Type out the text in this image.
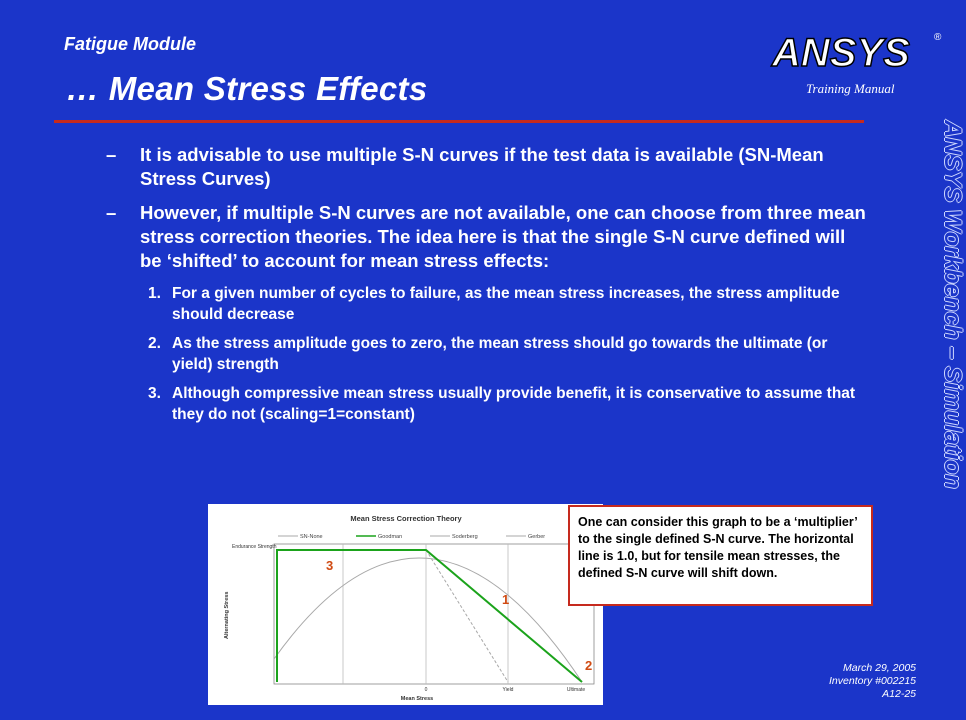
Fatigue Module
… Mean Stress Effects
ANSYS ®
Training Manual
ANSYS Workbench – Simulation
–	It is advisable to use multiple S-N curves if the test data is available (SN-Mean Stress Curves)
–	However, if multiple S-N curves are not available, one can choose from three mean stress correction theories. The idea here is that the single S-N curve defined will be ‘shifted’ to account for mean stress effects:
1. For a given number of cycles to failure, as the mean stress increases, the stress amplitude should decrease
2. As the stress amplitude goes to zero, the mean stress should go towards the ultimate (or yield) strength
3. Although compressive mean stress usually provide benefit, it is conservative to assume that they do not (scaling=1=constant)
Mean Stress Correction Theory
SN-None	Goodman	Soderberg	Gerber
Endurance Strength
Alternating Stress
Mean Stress
0	Yield	Ultimate
3
1
2
One can consider this graph to be a ‘multiplier’ to the single defined S-N curve. The horizontal line is 1.0, but for tensile mean stresses, the defined S-N curve will shift down.
March 29, 2005
Inventory #002215
A12-25
